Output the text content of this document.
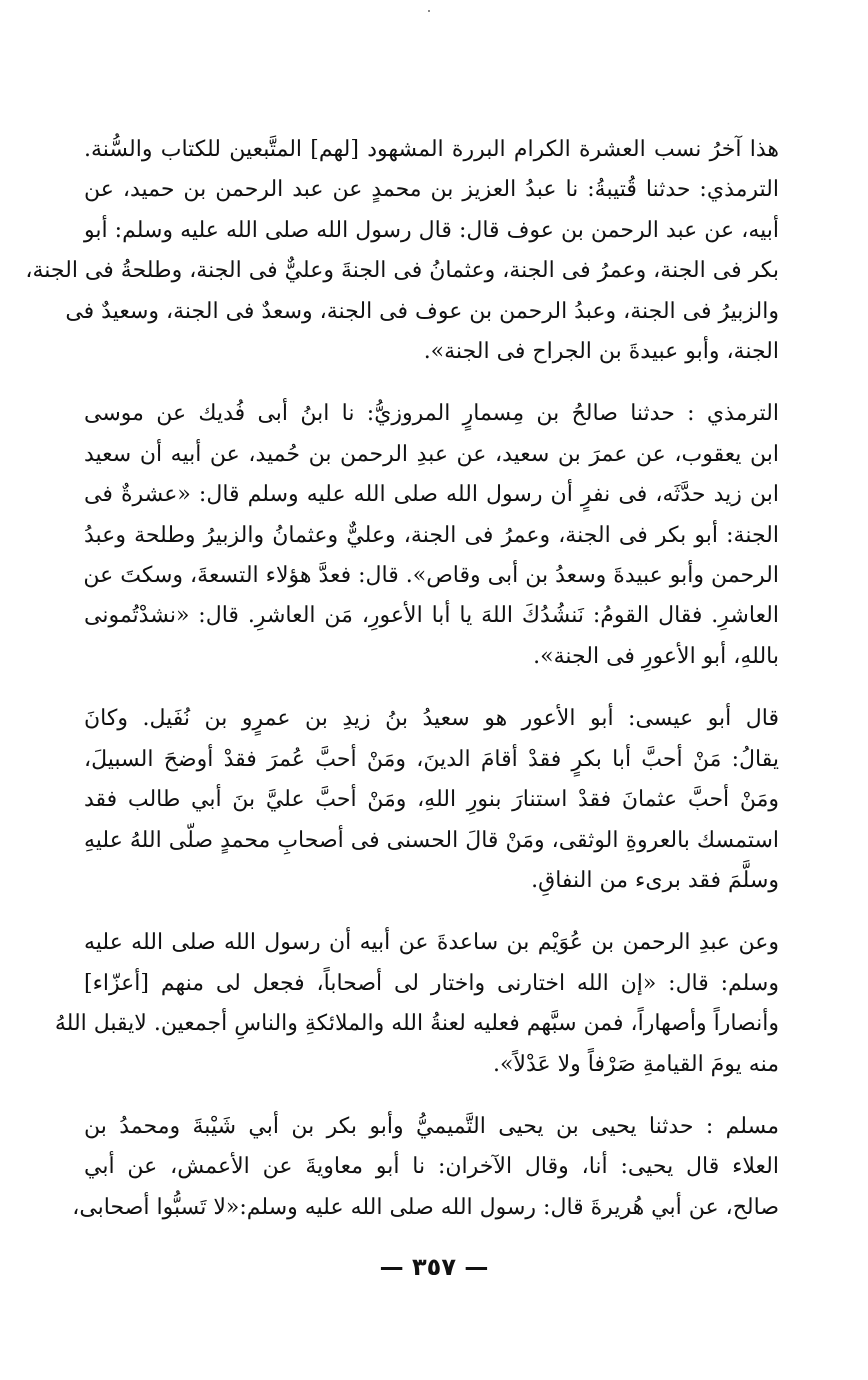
هذا آخرُ نسب العشرة الكرام البررة المشهود [لهم] المتَّبعين للكتاب والسُّنة.
الترمذي: حدثنا قُتيبةُ: نا عبدُ العزيز بن محمدٍ عن عبد الرحمن بن حميد، عن
أبيه، عن عبد الرحمن بن عوف قال: قال رسول الله صلى الله عليه وسلم: أبو
بكر فى الجنة، وعمرُ فى الجنة، وعثمانُ فى الجنةَ وعليٌّ فى الجنة، وطلحةُ فى الجنة،
والزبيرُ فى الجنة، وعبدُ الرحمن بن عوف فى الجنة، وسعدٌ فى الجنة، وسعيدٌ فى
الجنة، وأبو عبيدةَ بن الجراح فى الجنة».

الترمذي : حدثنا صالحُ بن مِسمارٍ المروزيُّ: نا ابنُ أبى فُديك عن موسى
ابن يعقوب، عن عمرَ بن سعيد، عن عبدِ الرحمن بن حُميد، عن أبيه أن سعيد
ابن زيد حدَّثَه، فى نفرٍ أن رسول الله صلى الله عليه وسلم قال: «عشرةٌ فى
الجنة: أبو بكر فى الجنة، وعمرُ فى الجنة، وعليٌّ وعثمانُ والزبيرُ وطلحة وعبدُ
الرحمن وأبو عبيدةَ وسعدُ بن أبى وقاص». قال: فعدَّ هؤلاء التسعةَ، وسكتَ عن
العاشرِ. فقال القومُ: نَنشُدُكَ اللهَ يا أبا الأعورِ، مَن العاشرِ. قال: «نشدْتُمونى
باللهِ، أبو الأعورِ فى الجنة».

قال أبو عيسى: أبو الأعور هو سعيدُ بنُ زيدِ بن عمرٍو بن نُفَيل. وكانَ
يقالُ: مَنْ أحبَّ أبا بكرٍ فقدْ أقامَ الدينَ، ومَنْ أحبَّ عُمرَ فقدْ أوضحَ السبيلَ،
ومَنْ أحبَّ عثمانَ فقدْ استنارَ بنورِ اللهِ، ومَنْ أحبَّ عليَّ بنَ أبي طالب فقد
استمسك بالعروةِ الوثقى، ومَنْ قالَ الحسنى فى أصحابِ محمدٍ صلّى اللهُ عليهِ
وسلَّمَ فقد برىء من النفاقِ.

وعن عبدِ الرحمن بن عُوَيْم بن ساعدةَ عن أبيه أن رسول الله صلى الله عليه
وسلم: قال: «إن الله اختارنى واختار لى أصحاباً، فجعل لى منهم [أعزّاء]
وأنصاراً وأصهاراً، فمن سبَّهم فعليه لعنةُ الله والملائكةِ والناسِ أجمعين. لايقبل اللهُ
منه يومَ القيامةِ صَرْفاً ولا عَدْلاً».

مسلم : حدثنا يحيى بن يحيى التَّميميُّ وأبو بكر بن أبي شَيْبةَ ومحمدُ بن
العلاء قال يحيى: أنا، وقال الآخران: نا أبو معاويةَ عن الأعمش، عن أبي
صالح، عن أبي هُريرةَ قال: رسول الله صلى الله عليه وسلم:«لا تَسبُّوا أصحابى،

— ٣٥٧ —
